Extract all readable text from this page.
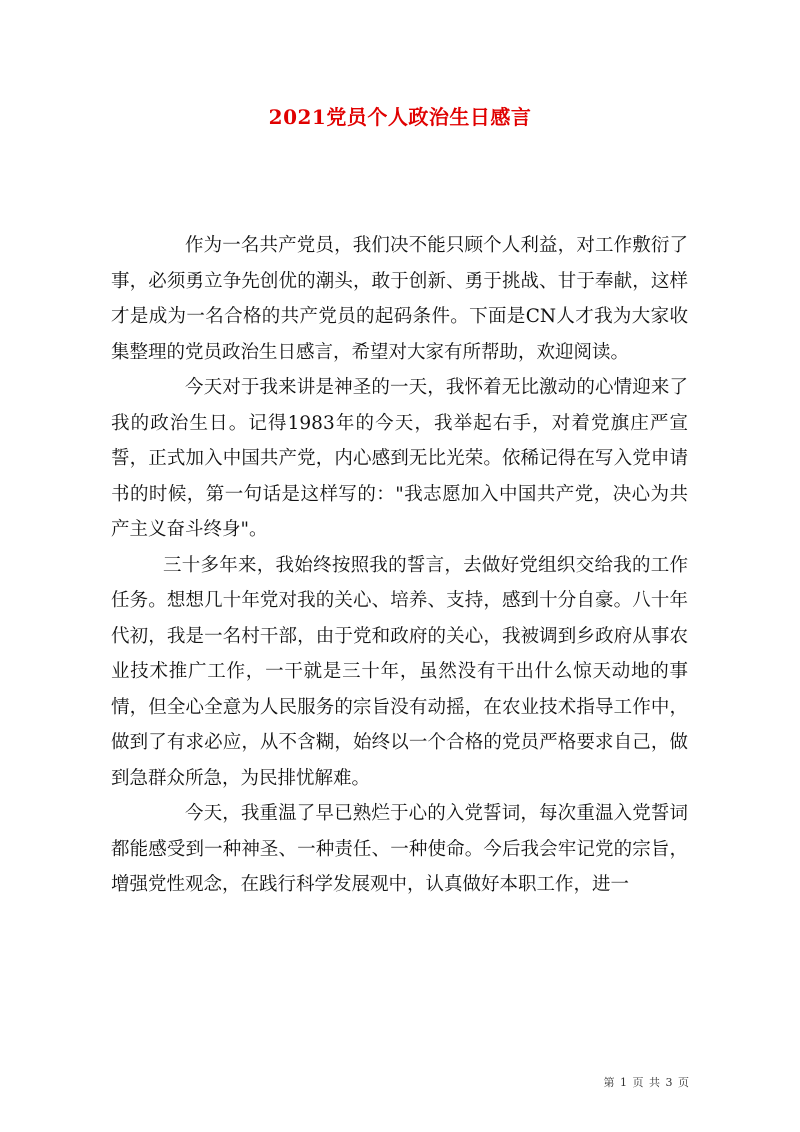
2021党员个人政治生日感言

作为一名共产党员，我们决不能只顾个人利益，对工作敷衍了事，必须勇立争先创优的潮头，敢于创新、勇于挑战、甘于奉献，这样才是成为一名合格的共产党员的起码条件。下面是CN人才我为大家收集整理的党员政治生日感言，希望对大家有所帮助，欢迎阅读。

今天对于我来讲是神圣的一天，我怀着无比激动的心情迎来了我的政治生日。记得1983年的今天，我举起右手，对着党旗庄严宣誓，正式加入中国共产党，内心感到无比光荣。依稀记得在写入党申请书的时候，第一句话是这样写的："我志愿加入中国共产党，决心为共产主义奋斗终身"。

三十多年来，我始终按照我的誓言，去做好党组织交给我的工作任务。想想几十年党对我的关心、培养、支持，感到十分自豪。八十年代初，我是一名村干部，由于党和政府的关心，我被调到乡政府从事农业技术推广工作，一干就是三十年，虽然没有干出什么惊天动地的事情，但全心全意为人民服务的宗旨没有动摇，在农业技术指导工作中，做到了有求必应，从不含糊，始终以一个合格的党员严格要求自己，做到急群众所急，为民排忧解难。

今天，我重温了早已熟烂于心的入党誓词，每次重温入党誓词都能感受到一种神圣、一种责任、一种使命。今后我会牢记党的宗旨，增强党性观念，在践行科学发展观中，认真做好本职工作，进一

第 1 页 共 3 页
